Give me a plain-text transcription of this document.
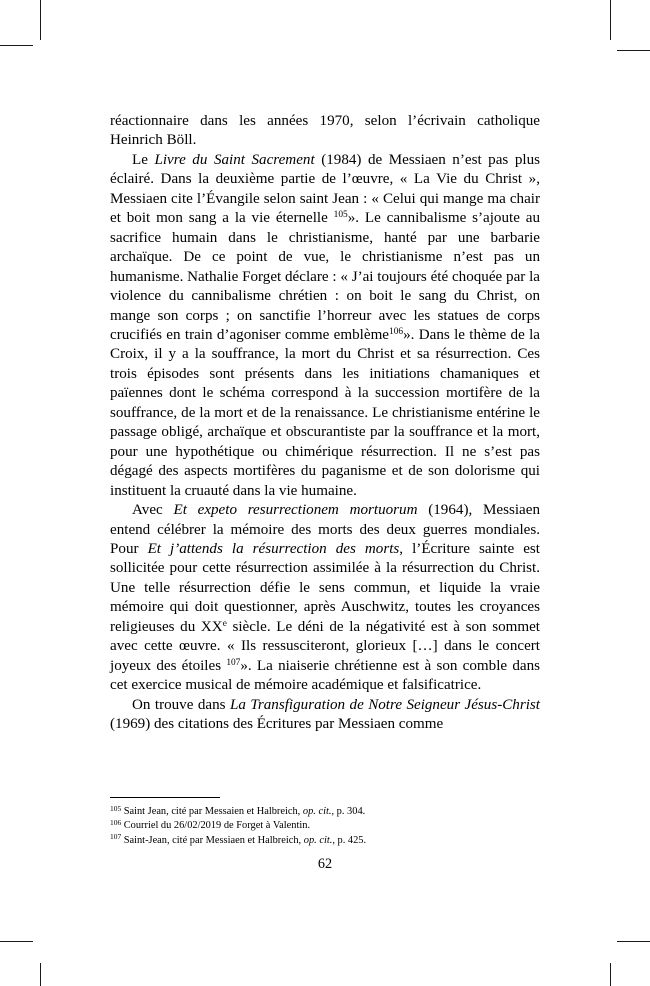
réactionnaire dans les années 1970, selon l’écrivain catholique Heinrich Böll.

Le Livre du Saint Sacrement (1984) de Messiaen n’est pas plus éclairé. Dans la deuxième partie de l’œuvre, « La Vie du Christ », Messiaen cite l’Évangile selon saint Jean : « Celui qui mange ma chair et boit mon sang a la vie éternelle $^{105}$». Le cannibalisme s’ajoute au sacrifice humain dans le christianisme, hanté par une barbarie archaïque. De ce point de vue, le christianisme n’est pas un humanisme. Nathalie Forget déclare : « J’ai toujours été choquée par la violence du cannibalisme chrétien : on boit le sang du Christ, on mange son corps ; on sanctifie l’horreur avec les statues de corps crucifiés en train d’agoniser comme emblème$^{106}$». Dans le thème de la Croix, il y a la souffrance, la mort du Christ et sa résurrection. Ces trois épisodes sont présents dans les initiations chamaniques et païennes dont le schéma correspond à la succession mortifère de la souffrance, de la mort et de la renaissance. Le christianisme entérine le passage obligé, archaïque et obscurantiste par la souffrance et la mort, pour une hypothétique ou chimérique résurrection. Il ne s’est pas dégagé des aspects mortifères du paganisme et de son dolorisme qui instituent la cruauté dans la vie humaine.

Avec Et expeto resurrectionem mortuorum (1964), Messiaen entend célébrer la mémoire des morts des deux guerres mondiales. Pour Et j’attends la résurrection des morts, l’Écriture sainte est sollicitée pour cette résurrection assimilée à la résurrection du Christ. Une telle résurrection défie le sens commun, et liquide la vraie mémoire qui doit questionner, après Auschwitz, toutes les croyances religieuses du XXe siècle. Le déni de la négativité est à son sommet avec cette œuvre. « Ils ressusciteront, glorieux […] dans le concert joyeux des étoiles $^{107}$». La niaiserie chrétienne est à son comble dans cet exercice musical de mémoire académique et falsificatrice.

On trouve dans La Transfiguration de Notre Seigneur Jésus-Christ (1969) des citations des Écritures par Messiaen comme

$^{105}$ Saint Jean, cité par Messaien et Halbreich, op. cit., p. 304.

$^{106}$ Courriel du 26/02/2019 de Forget à Valentin.

$^{107}$ Saint-Jean, cité par Messiaen et Halbreich, op. cit., p. 425.

62
